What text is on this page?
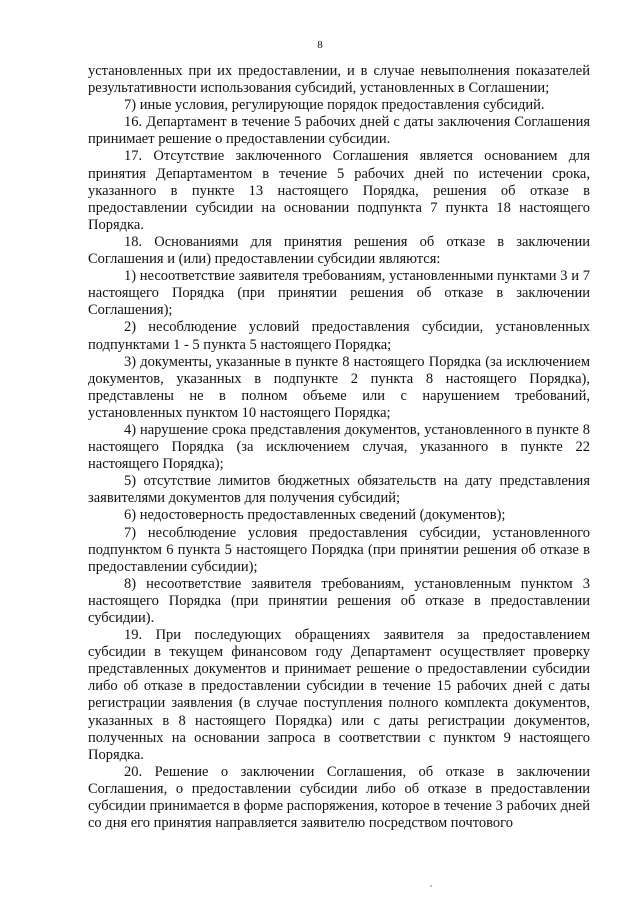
8

установленных при их предоставлении, и в случае невыполнения показателей результативности использования субсидий, установленных в Соглашении;

7) иные условия, регулирующие порядок предоставления субсидий.

16. Департамент в течение 5 рабочих дней с даты заключения Соглашения принимает решение о предоставлении субсидии.

17. Отсутствие заключенного Соглашения является основанием для принятия Департаментом в течение 5 рабочих дней по истечении срока, указанного в пункте 13 настоящего Порядка, решения об отказе в предоставлении субсидии на основании подпункта 7 пункта 18 настоящего Порядка.

18. Основаниями для принятия решения об отказе в заключении Соглашения и (или) предоставлении субсидии являются:

1) несоответствие заявителя требованиям, установленными пунктами 3 и 7 настоящего Порядка (при принятии решения об отказе в заключении Соглашения);

2) несоблюдение условий предоставления субсидии, установленных подпунктами 1 - 5 пункта 5 настоящего Порядка;

3) документы, указанные в пункте 8 настоящего Порядка (за исключением документов, указанных в подпункте 2 пункта 8 настоящего Порядка), представлены не в полном объеме или с нарушением требований, установленных пунктом 10 настоящего Порядка;

4) нарушение срока представления документов, установленного в пункте 8 настоящего Порядка (за исключением случая, указанного в пункте 22 настоящего Порядка);

5) отсутствие лимитов бюджетных обязательств на дату представления заявителями документов для получения субсидий;

6) недостоверность предоставленных сведений (документов);

7) несоблюдение условия предоставления субсидии, установленного подпунктом 6 пункта 5 настоящего Порядка (при принятии решения об отказе в предоставлении субсидии);

8) несоответствие заявителя требованиям, установленным пунктом 3 настоящего Порядка (при принятии решения об отказе в предоставлении субсидии).

19. При последующих обращениях заявителя за предоставлением субсидии в текущем финансовом году Департамент осуществляет проверку представленных документов и принимает решение о предоставлении субсидии либо об отказе в предоставлении субсидии в течение 15 рабочих дней с даты регистрации заявления (в случае поступления полного комплекта документов, указанных в 8 настоящего Порядка) или с даты регистрации документов, полученных на основании запроса в соответствии с пунктом 9 настоящего Порядка.

20. Решение о заключении Соглашения, об отказе в заключении Соглашения, о предоставлении субсидии либо об отказе в предоставлении субсидии принимается в форме распоряжения, которое в течение 3 рабочих дней со дня его принятия направляется заявителю посредством почтового
